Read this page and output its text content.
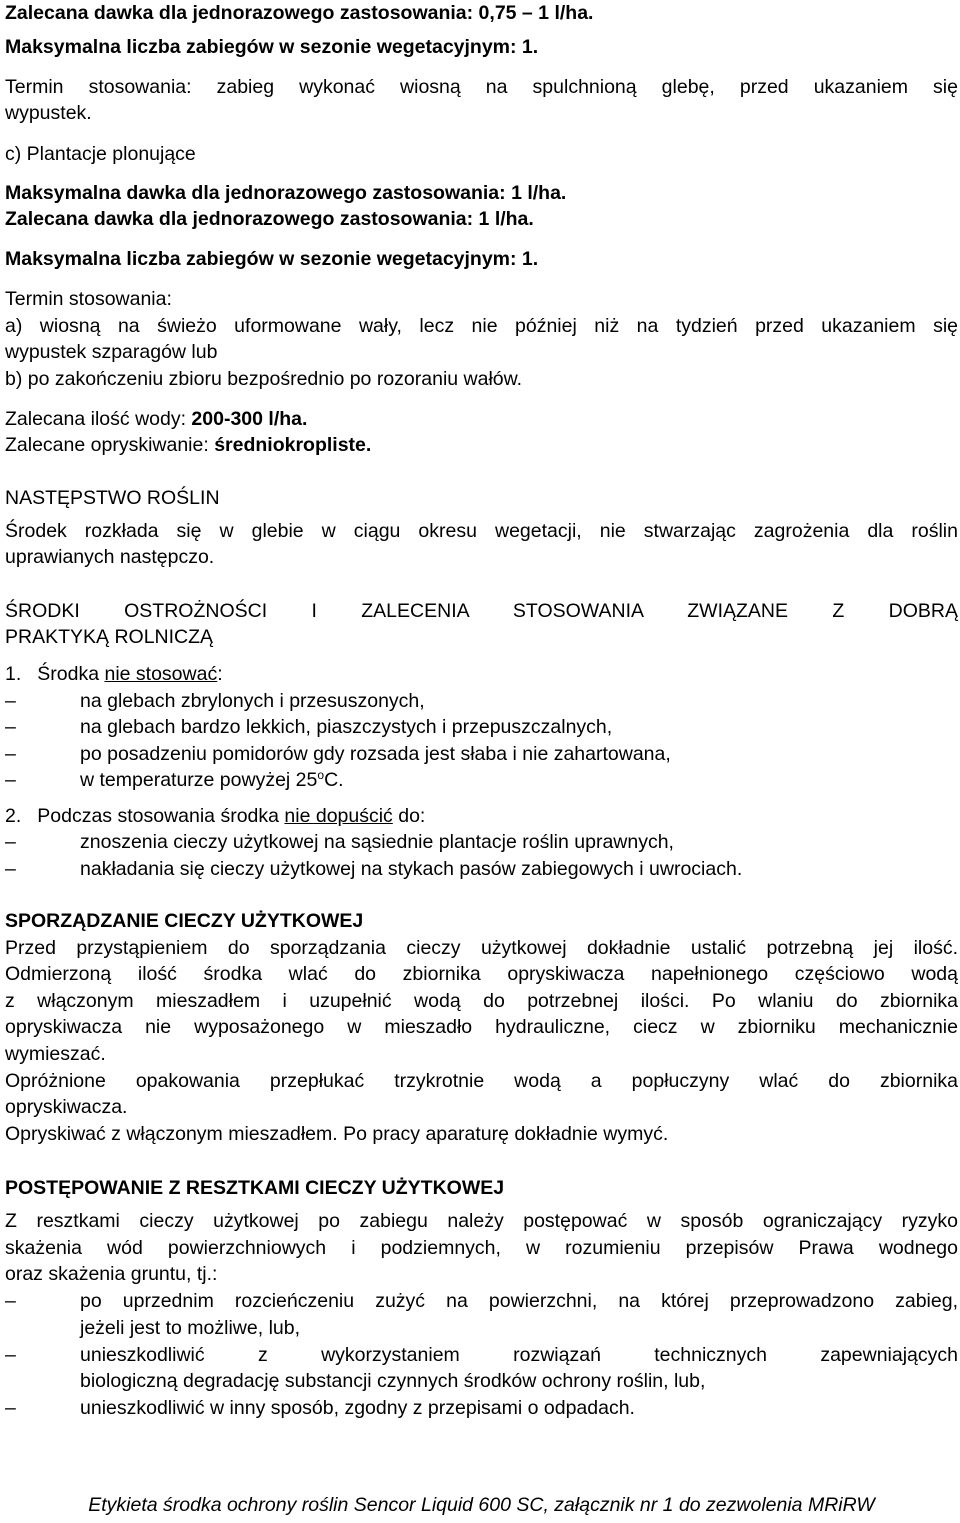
Zalecana dawka dla jednorazowego zastosowania: 0,75 – 1 l/ha.
Maksymalna liczba zabiegów w sezonie wegetacyjnym: 1.
Termin stosowania: zabieg wykonać wiosną na spulchnioną glebę, przed ukazaniem się
wypustek.
c) Plantacje plonujące
Maksymalna dawka dla jednorazowego zastosowania: 1 l/ha.
Zalecana dawka dla jednorazowego zastosowania: 1 l/ha.
Maksymalna liczba zabiegów w sezonie wegetacyjnym: 1.
Termin stosowania:
a) wiosną na świeżo uformowane wały, lecz nie później niż na tydzień przed ukazaniem się
wypustek szparagów lub
b) po zakończeniu zbioru bezpośrednio po rozoraniu wałów.
Zalecana ilość wody: 200-300 l/ha.
Zalecane opryskiwanie: średniokropliste.
NASTĘPSTWO ROŚLIN
Środek rozkłada się w glebie w ciągu okresu wegetacji, nie stwarzając zagrożenia dla roślin
uprawianych następczo.
ŚRODKI OSTROŻNOŚCI I ZALECENIA STOSOWANIA ZWIĄZANE Z DOBRĄ
PRAKTYKĄ ROLNICZĄ
1. Środka nie stosować:
–	na glebach zbrylonych i przesuszonych,
–	na glebach bardzo lekkich, piaszczystych i przepuszczalnych,
–	po posadzeniu pomidorów gdy rozsada jest słaba i nie zahartowana,
–	w temperaturze powyżej 25$^o$C.
2. Podczas stosowania środka nie dopuścić do:
–	znoszenia cieczy użytkowej na sąsiednie plantacje roślin uprawnych,
–	nakładania się cieczy użytkowej na stykach pasów zabiegowych i uwrociach.
SPORZĄDZANIE CIECZY UŻYTKOWEJ
Przed przystąpieniem do sporządzania cieczy użytkowej dokładnie ustalić potrzebną jej ilość.
Odmierzoną ilość środka wlać do zbiornika opryskiwacza napełnionego częściowo wodą
z włączonym mieszadłem i uzupełnić wodą do potrzebnej ilości. Po wlaniu do zbiornika
opryskiwacza nie wyposażonego w mieszadło hydrauliczne, ciecz w zbiorniku mechanicznie
wymieszać.
Opróżnione opakowania przepłukać trzykrotnie wodą a popłuczyny wlać do zbiornika
opryskiwacza.
Opryskiwać z włączonym mieszadłem. Po pracy aparaturę dokładnie wymyć.
POSTĘPOWANIE Z RESZTKAMI CIECZY UŻYTKOWEJ
Z resztkami cieczy użytkowej po zabiegu należy postępować w sposób ograniczający ryzyko
skażenia wód powierzchniowych i podziemnych, w rozumieniu przepisów Prawa wodnego
oraz skażenia gruntu, tj.:
–	po uprzednim rozcieńczeniu zużyć na powierzchni, na której przeprowadzono zabieg,
jeżeli jest to możliwe, lub,
–	unieszkodliwić z wykorzystaniem rozwiązań technicznych zapewniających
biologiczną degradację substancji czynnych środków ochrony roślin, lub,
–	unieszkodliwić w inny sposób, zgodny z przepisami o odpadach.
Etykieta środka ochrony roślin Sencor Liquid 600 SC, załącznik nr 1 do zezwolenia MRiRW
